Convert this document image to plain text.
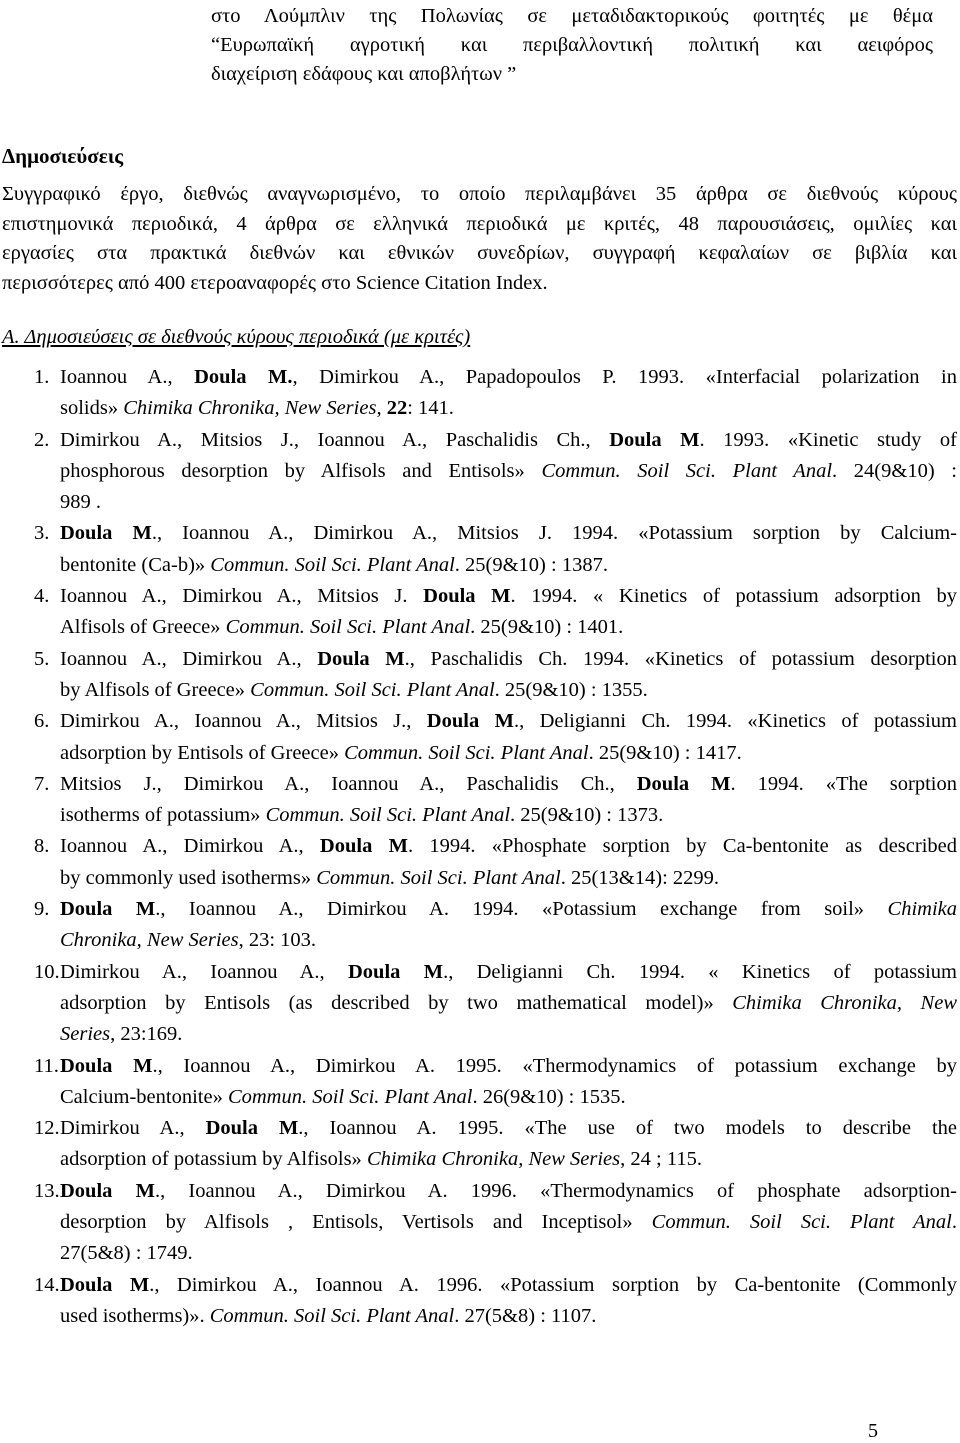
στο Λούμπλιν της Πολωνίας σε μεταδιδακτορικούς φοιτητές με θέμα
“Ευρωπαϊκή αγροτική και περιβαλλοντική πολιτική και αειφόρος
διαχείριση εδάφους και αποβλήτων ”
Δημοσιεύσεις
Συγγραφικό έργο, διεθνώς αναγνωρισμένο, το οποίο περιλαμβάνει 35 άρθρα σε διεθνούς κύρους
επιστημονικά περιοδικά, 4 άρθρα σε ελληνικά περιοδικά με κριτές, 48 παρουσιάσεις, ομιλίες και
εργασίες στα πρακτικά διεθνών και εθνικών συνεδρίων, συγγραφή κεφαλαίων σε βιβλία και
περισσότερες από 400 ετεροαναφορές στο Science Citation Index.
Α. Δημοσιεύσεις σε διεθνούς κύρους περιοδικά (με κριτές)
1. Ioannou A., Doula M., Dimirkou A., Papadopoulos P. 1993. «Interfacial polarization in
solids» Chimika Chronika, New Series, 22: 141.
2. Dimirkou A., Mitsios J., Ioannou A., Paschalidis Ch., Doula M. 1993. «Kinetic study of
phosphorous desorption by Alfisols and Entisols» Commun. Soil Sci. Plant Anal. 24(9&10) :
989 .
3. Doula M., Ioannou A., Dimirkou A., Mitsios J. 1994. «Potassium sorption by Calcium-
bentonite (Ca-b)» Commun. Soil Sci. Plant Anal. 25(9&10) : 1387.
4. Ioannou A., Dimirkou A., Mitsios J. Doula M. 1994. « Kinetics of potassium adsorption by
Alfisols of Greece» Commun. Soil Sci. Plant Anal. 25(9&10) : 1401.
5. Ioannou A., Dimirkou A., Doula M., Paschalidis Ch. 1994. «Kinetics of potassium desorption
by Alfisols of Greece» Commun. Soil Sci. Plant Anal. 25(9&10) : 1355.
6. Dimirkou A., Ioannou A., Mitsios J., Doula M., Deligianni Ch. 1994. «Kinetics of potassium
adsorption by Entisols of Greece» Commun. Soil Sci. Plant Anal. 25(9&10) : 1417.
7. Mitsios J., Dimirkou A., Ioannou A., Paschalidis Ch., Doula M. 1994. «The sorption
isotherms of potassium» Commun. Soil Sci. Plant Anal. 25(9&10) : 1373.
8. Ioannou A., Dimirkou A., Doula M. 1994. «Phosphate sorption by Ca-bentonite as described
by commonly used isotherms» Commun. Soil Sci. Plant Anal. 25(13&14): 2299.
9. Doula M., Ioannou A., Dimirkou A. 1994. «Potassium exchange from soil» Chimika
Chronika, New Series, 23: 103.
10. Dimirkou A., Ioannou A., Doula M., Deligianni Ch. 1994. « Kinetics of potassium
adsorption by Entisols (as described by two mathematical model)» Chimika Chronika, New
Series, 23:169.
11. Doula M., Ioannou A., Dimirkou A. 1995. «Thermodynamics of potassium exchange by
Calcium-bentonite» Commun. Soil Sci. Plant Anal. 26(9&10) : 1535.
12. Dimirkou A., Doula M., Ioannou A. 1995. «The use of two models to describe the
adsorption of potassium by Alfisols» Chimika Chronika, New Series, 24 ; 115.
13. Doula M., Ioannou A., Dimirkou A. 1996. «Thermodynamics of phosphate adsorption-
desorption by Alfisols , Entisols, Vertisols and Inceptisol» Commun. Soil Sci. Plant Anal.
27(5&8) : 1749.
14. Doula M., Dimirkou A., Ioannou A. 1996. «Potassium sorption by Ca-bentonite (Commonly
used isotherms)». Commun. Soil Sci. Plant Anal. 27(5&8) : 1107.
5
